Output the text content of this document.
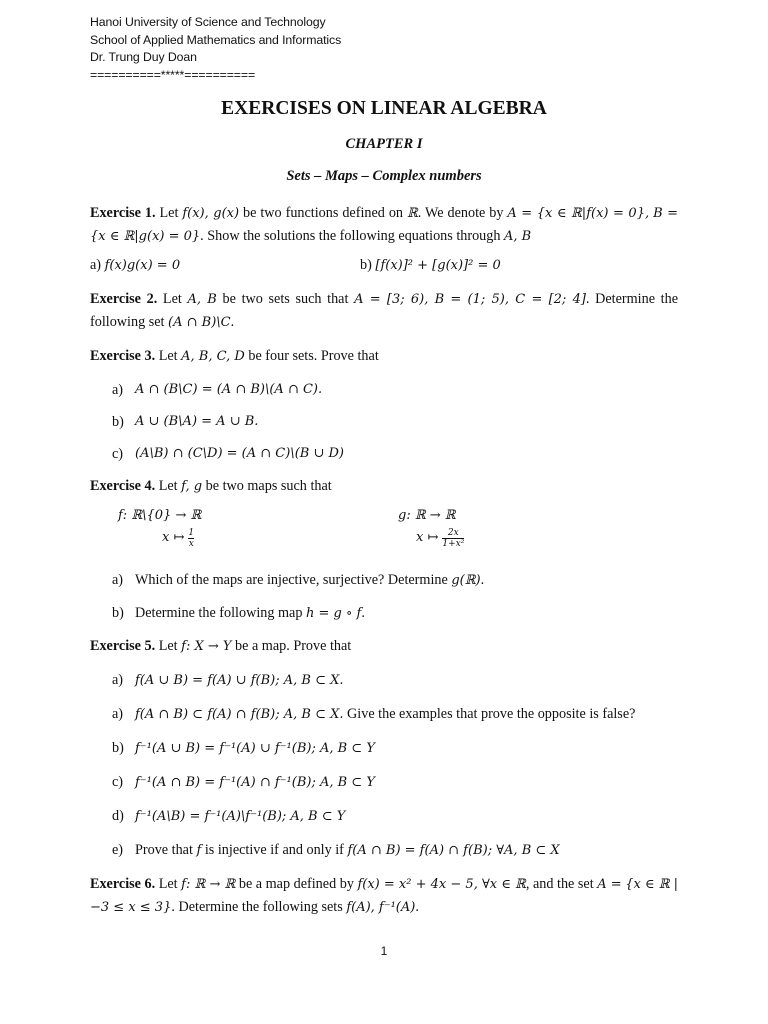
Hanoi University of Science and Technology
School of Applied Mathematics and Informatics
Dr. Trung Duy Doan
==========*****==========
EXERCISES ON LINEAR ALGEBRA
CHAPTER I
Sets – Maps – Complex numbers
Exercise 1. Let f(x), g(x) be two functions defined on ℝ. We denote by A = {x ∈ ℝ|f(x) = 0}, B = {x ∈ ℝ|g(x) = 0}. Show the solutions the following equations through A, B
a) f(x)g(x) = 0	b) [f(x)]² + [g(x)]² = 0
Exercise 2. Let A, B be two sets such that A = [3; 6), B = (1; 5), C = [2; 4]. Determine the following set (A ∩ B)\C.
Exercise 3. Let A, B, C, D be four sets. Prove that
a) A ∩ (B\C) = (A ∩ B)\(A ∩ C).
b) A ∪ (B\A) = A ∪ B.
c) (A\B) ∩ (C\D) = (A ∩ C)\(B ∪ D)
Exercise 4. Let f, g be two maps such that
f: ℝ\{0} → ℝ
x ↦ $\frac{1}{x}$
g: ℝ → ℝ
x ↦ $\frac{2x}{\text{1+x²}}$
a) Which of the maps are injective, surjective? Determine g(ℝ).
b) Determine the following map h = g ∘ f.
Exercise 5. Let f: X → Y be a map. Prove that
a) f(A ∪ B) = f(A) ∪ f(B); A, B ⊂ X.
a) f(A ∩ B) ⊂ f(A) ∩ f(B); A, B ⊂ X. Give the examples that prove the opposite is false?
b) f⁻¹(A ∪ B) = f⁻¹(A) ∪ f⁻¹(B); A, B ⊂ Y
c) f⁻¹(A ∩ B) = f⁻¹(A) ∩ f⁻¹(B); A, B ⊂ Y
d) f⁻¹(A\B) = f⁻¹(A)\f⁻¹(B); A, B ⊂ Y
e) Prove that f is injective if and only if f(A ∩ B) = f(A) ∩ f(B); ∀A, B ⊂ X
Exercise 6. Let f: ℝ → ℝ be a map defined by f(x) = x² + 4x − 5, ∀x ∈ ℝ, and the set A = {x ∈ ℝ |−3 ≤ x ≤ 3}. Determine the following sets f(A), f⁻¹(A).
1
